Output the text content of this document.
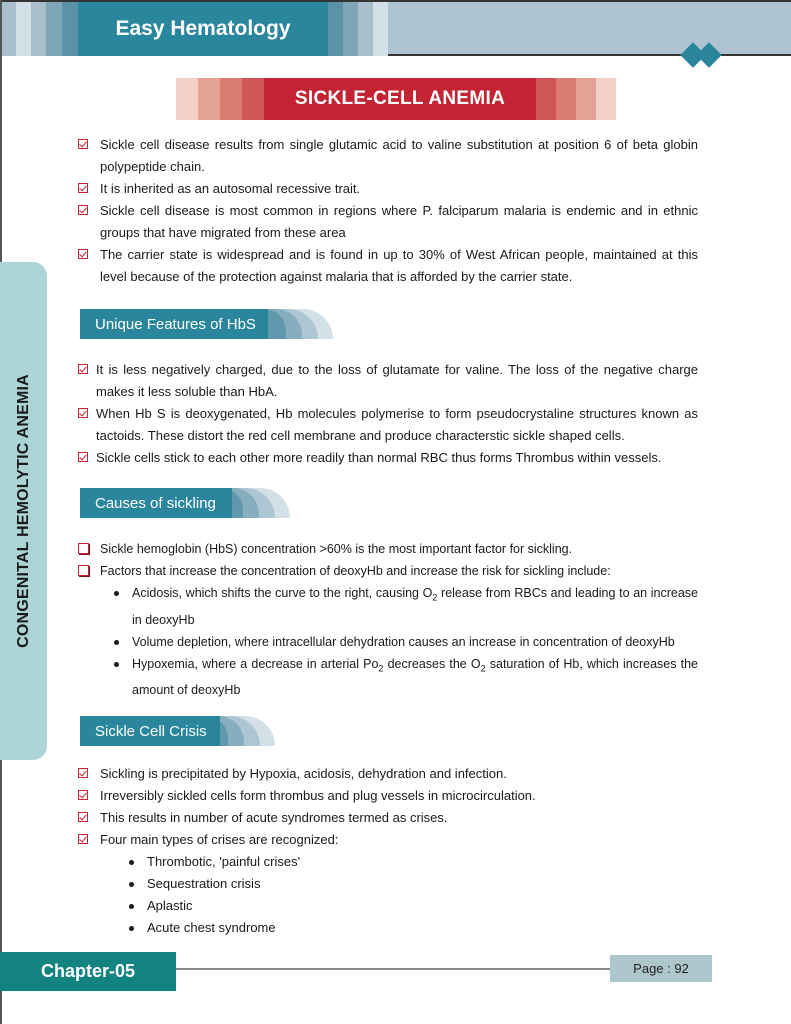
Easy Hematology
SICKLE-CELL ANEMIA
CONGENITAL HEMOLYTIC ANEMIA
Sickle cell disease results from single glutamic acid to valine substitution at position 6 of beta globin polypeptide chain.
It is inherited as an autosomal recessive trait.
Sickle cell disease is most common in regions where P. falciparum malaria is endemic and in ethnic groups that have migrated from these area
The carrier state is widespread and is found in up to 30% of West African people, maintained at this level because of the protection against malaria that is afforded by the carrier state.
Unique Features of HbS
It is less negatively charged, due to the loss of glutamate for valine. The loss of the negative charge makes it less soluble than HbA.
When Hb S is deoxygenated, Hb molecules polymerise to form pseudocrystaline structures known as tactoids. These distort the red cell membrane and produce characterstic sickle shaped cells.
Sickle cells stick to each other more readily than normal RBC thus forms Thrombus within vessels.
Causes of sickling
Sickle hemoglobin (HbS) concentration >60% is the most important factor for sickling.
Factors that increase the concentration of deoxyHb and increase the risk for sickling include:
Acidosis, which shifts the curve to the right, causing $O_2$ release from RBCs and leading to an increase in deoxyHb
Volume depletion, where intracellular dehydration causes an increase in concentration of deoxyHb
Hypoxemia, where a decrease in arterial $Po_2$ decreases the $O_2$ saturation of Hb, which increases the amount of deoxyHb
Sickle Cell Crisis
Sickling is precipitated by Hypoxia, acidosis, dehydration and infection.
Irreversibly sickled cells form thrombus and plug vessels in microcirculation.
This results in number of acute syndromes termed as crises.
Four main types of crises are recognized:
Thrombotic, 'painful crises'
Sequestration crisis
Aplastic
Acute chest syndrome
Chapter-05	Page : 92
